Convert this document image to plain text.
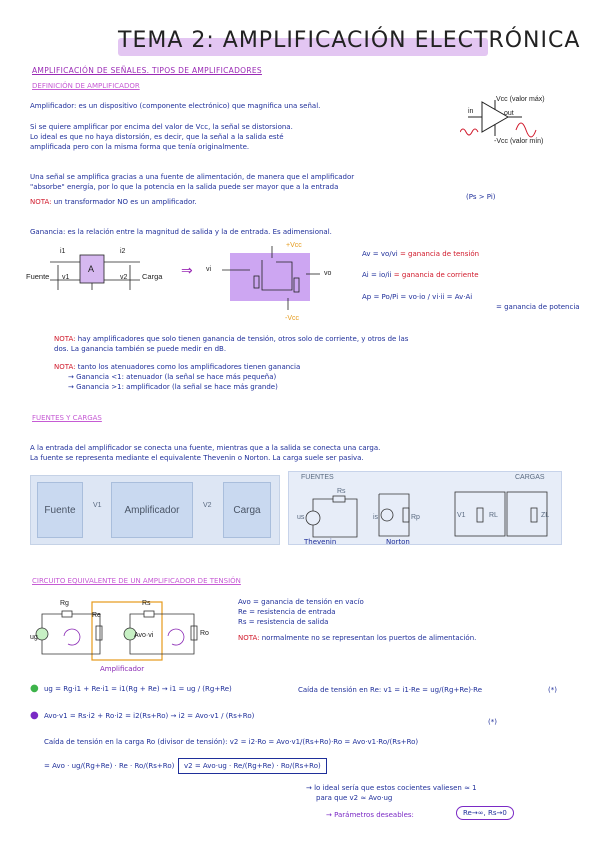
TEMA 2: AMPLIFICACIÓN ELECTRÓNICA
AMPLIFICACIÓN DE SEÑALES. TIPOS DE AMPLIFICADORES
DEFINICIÓN DE AMPLIFICADOR
Amplificador: es un dispositivo (componente electrónico) que magnifica una señal.
Si se quiere amplificar por encima del valor de Vcc, la señal se distorsiona.
Lo ideal es que no haya distorsión, es decir, que la señal a la salida esté
amplificada pero con la misma forma que tenía originalmente.
in	out
Vcc (valor máx)
-Vcc (valor mín)
Una señal se amplifica gracias a una fuente de alimentación, de manera que el amplificador
"absorbe" energía, por lo que la potencia en la salida puede ser mayor que a la entrada
(Ps > Pi)
NOTA: un transformador NO es un amplificador.
Ganancia: es la relación entre la magnitud de salida y la de entrada. Es adimensional.
Fuente	Carga
A
i1	i2
v1	v2	⇒
+Vcc
-Vcc
vi
vo
Av = vo/vi = ganancia de tensión
Ai = io/ii = ganancia de corriente
Ap = Po/Pi = vo·io / vi·ii = Av·Ai
= ganancia de potencia
NOTA: hay amplificadores que solo tienen ganancia de tensión, otros solo de corriente, y otros de las
dos. La ganancia también se puede medir en dB.
NOTA: tanto los atenuadores como los amplificadores tienen ganancia
→ Ganancia <1: atenuador (la señal se hace más pequeña)
→ Ganancia >1: amplificador (la señal se hace más grande)
FUENTES Y CARGAS
A la entrada del amplificador se conecta una fuente, mientras que a la salida se conecta una carga.
La fuente se representa mediante el equivalente Thevenin o Norton. La carga suele ser pasiva.
Fuente	Amplificador	Carga
V1	V2
FUENTES	CARGAS
Rs
us	is	Rp	V1	RL	ZL
Thevenin	Norton
CIRCUITO EQUIVALENTE DE UN AMPLIFICADOR DE TENSIÓN
Rg
Re
Rs
Ro
ug	Avo·vi
Amplificador
Avo = ganancia de tensión en vacío
Re = resistencia de entrada
Rs = resistencia de salida
NOTA: normalmente no se representan los puertos de alimentación.
● ug = Rg·i1 + Re·i1 = i1(Rg + Re) → i1 = ug / (Rg+Re)	Caída de tensión en Re: v1 = i1·Re = ug/(Rg+Re)·Re	(*)
● Avo·v1 = Rs·i2 + Ro·i2 = i2(Rs+Ro) → i2 = Avo·v1 / (Rs+Ro)
(*)
Caída de tensión en la carga Ro (divisor de tensión): v2 = i2·Ro = Avo·v1/(Rs+Ro)·Ro = Avo·v1·Ro/(Rs+Ro)
= Avo · ug/(Rg+Re) · Re · Ro/(Rs+Ro)	v2 = Avo·ug · Re/(Rg+Re) · Ro/(Rs+Ro)
→ lo ideal sería que estos cocientes valiesen ≈ 1
para que v2 ≈ Avo·ug
→ Parámetros deseables:	Re→∞, Rs→0
